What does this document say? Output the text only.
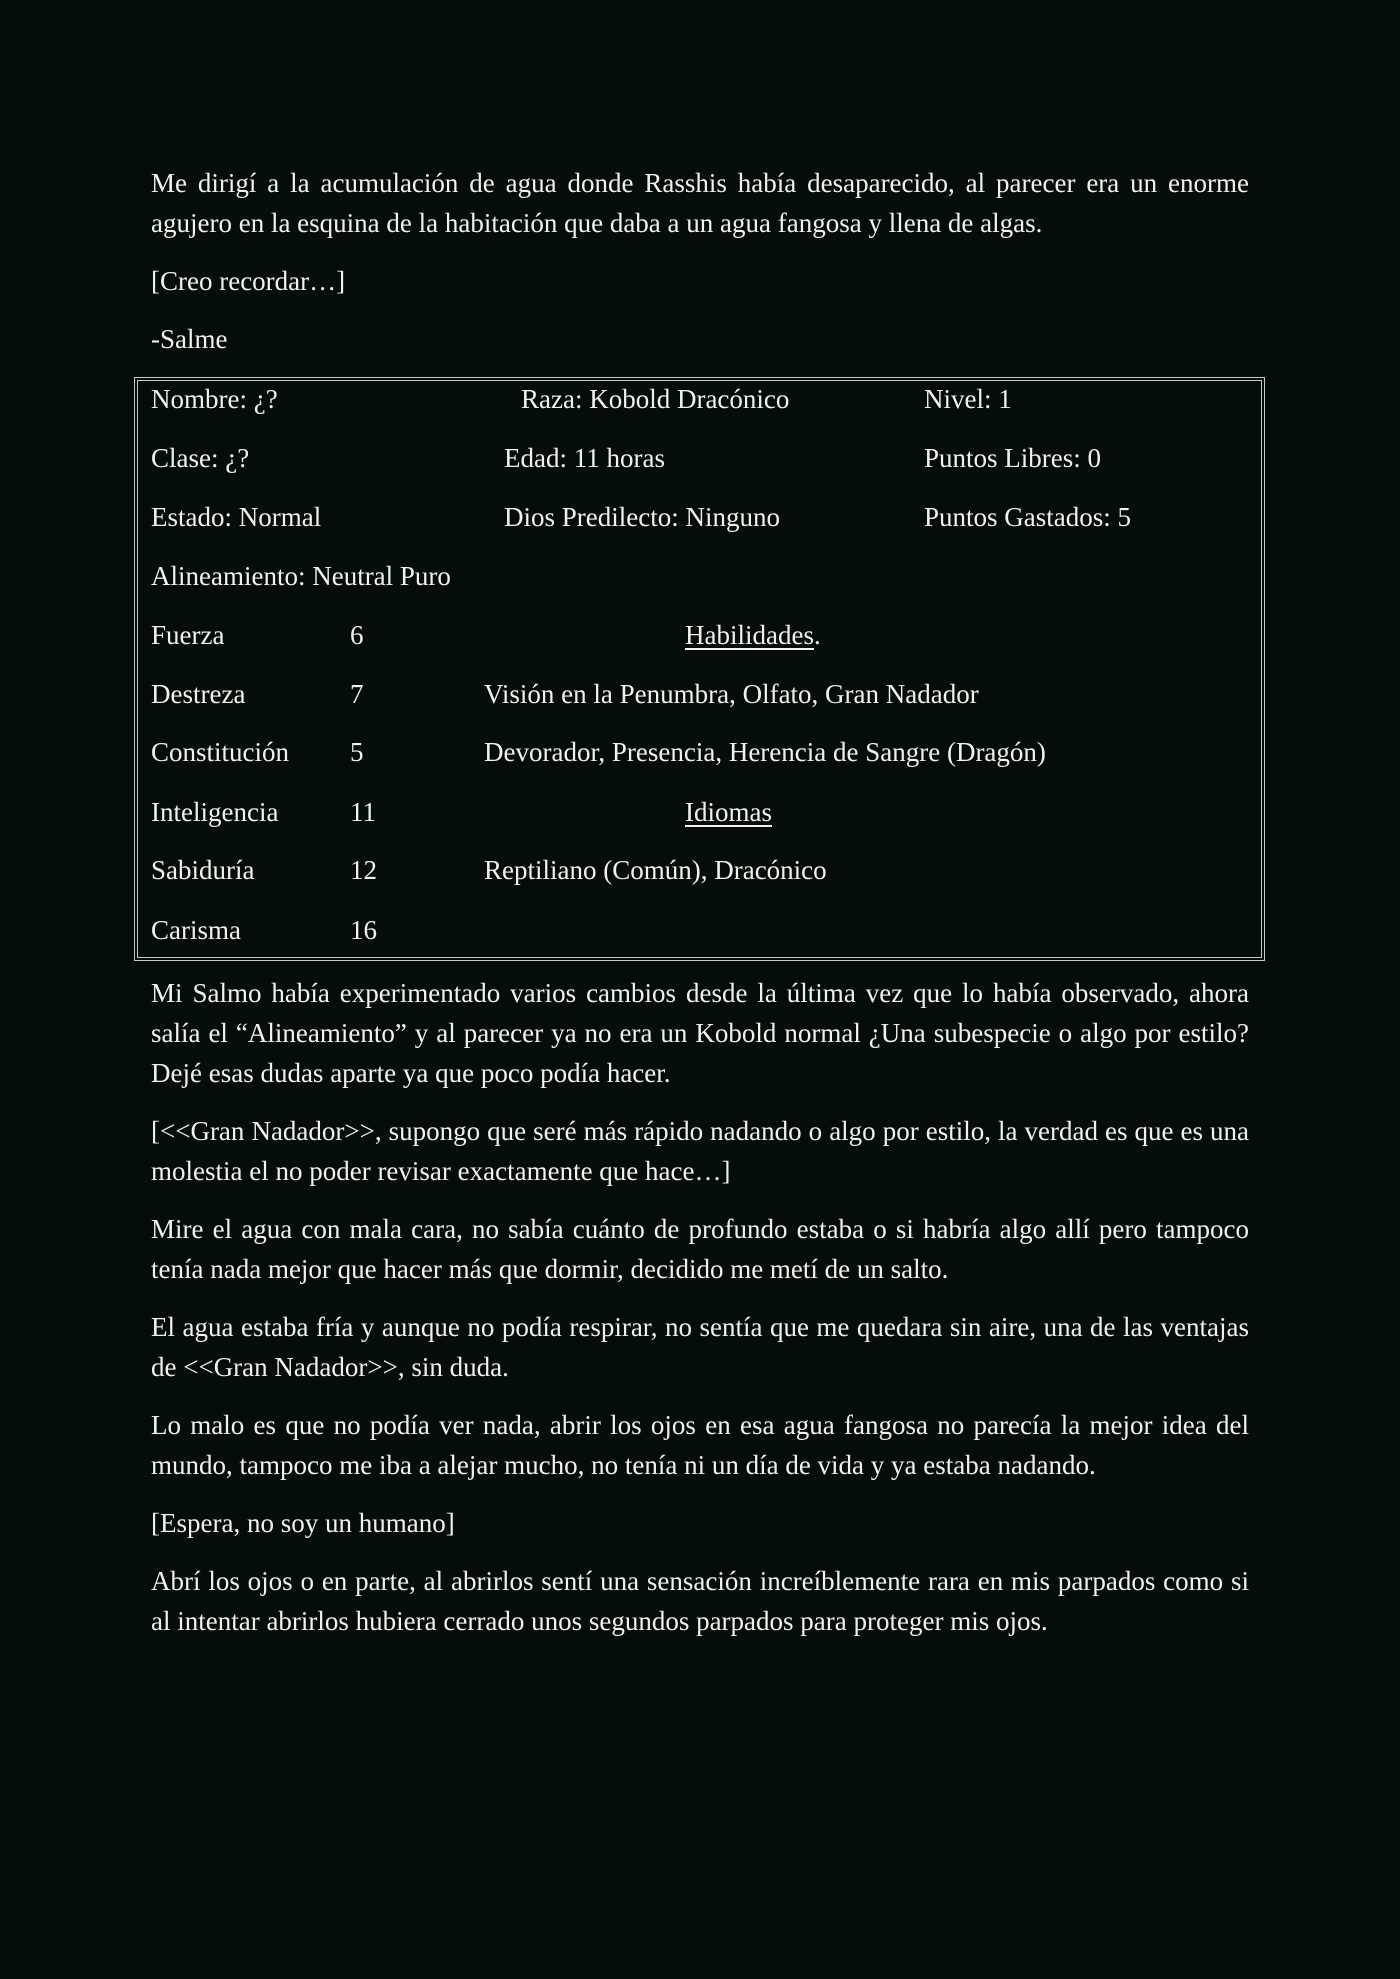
Me dirigí a la acumulación de agua donde Rasshis había desaparecido, al parecer era un enorme agujero en la esquina de la habitación que daba a un agua fangosa y llena de algas.

[Creo recordar…]

-Salme

Nombre: ¿?	Raza: Kobold Dracónico	Nivel: 1
Clase: ¿?	Edad: 11 horas	Puntos Libres: 0
Estado: Normal	Dios Predilecto: Ninguno	Puntos Gastados: 5
Alineamiento: Neutral Puro
Fuerza	6
Destreza	7
Constitución 5
Inteligencia	11
Sabiduría	12
Carisma	16
Habilidades.
Visión en la Penumbra, Olfato, Gran Nadador
Devorador, Presencia, Herencia de Sangre (Dragón)
Idiomas
Reptiliano (Común), Dracónico

Mi Salmo había experimentado varios cambios desde la última vez que lo había observado, ahora salía el “Alineamiento” y al parecer ya no era un Kobold normal ¿Una subespecie o algo por estilo? Dejé esas dudas aparte ya que poco podía hacer.

[<<Gran Nadador>>, supongo que seré más rápido nadando o algo por estilo, la verdad es que es una molestia el no poder revisar exactamente que hace…]

Mire el agua con mala cara, no sabía cuánto de profundo estaba o si habría algo allí pero tampoco tenía nada mejor que hacer más que dormir, decidido me metí de un salto.

El agua estaba fría y aunque no podía respirar, no sentía que me quedara sin aire, una de las ventajas de <<Gran Nadador>>, sin duda.

Lo malo es que no podía ver nada, abrir los ojos en esa agua fangosa no parecía la mejor idea del mundo, tampoco me iba a alejar mucho, no tenía ni un día de vida y ya estaba nadando.

[Espera, no soy un humano]

Abrí los ojos o en parte, al abrirlos sentí una sensación increíblemente rara en mis parpados como si al intentar abrirlos hubiera cerrado unos segundos parpados para proteger mis ojos.
